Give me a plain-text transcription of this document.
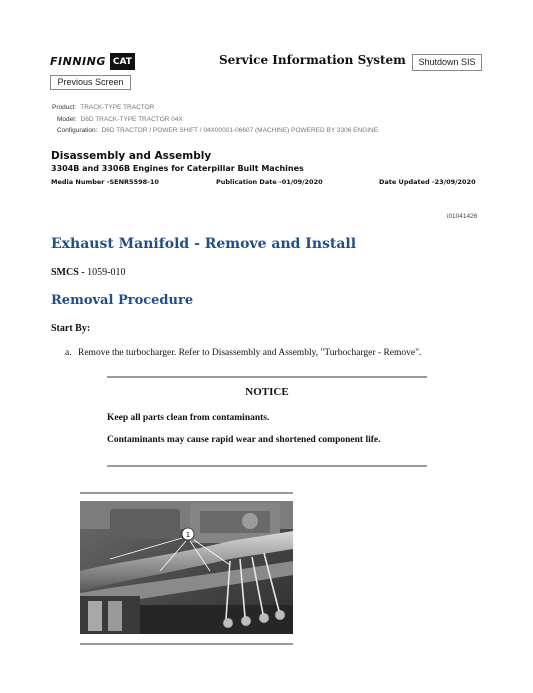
FINNING CAT	Service Information System	Shutdown SIS
Previous Screen
Product: TRACK-TYPE TRACTOR
Model: D6D TRACK-TYPE TRACTOR 04X
Configuration: D6D TRACTOR / POWER SHIFT / 04X00001-06607 (MACHINE) POWERED BY 3306 ENGINE
Disassembly and Assembly
3304B and 3306B Engines for Caterpillar Built Machines
Media Number -SENR5598-10	Publication Date -01/09/2020	Date Updated -23/09/2020
i01041426
Exhaust Manifold - Remove and Install
SMCS - 1059-010
Removal Procedure
Start By:
a. Remove the turbocharger. Refer to Disassembly and Assembly, "Turbocharger - Remove".
NOTICE
Keep all parts clean from contaminants.
Contaminants may cause rapid wear and shortened component life.
1
